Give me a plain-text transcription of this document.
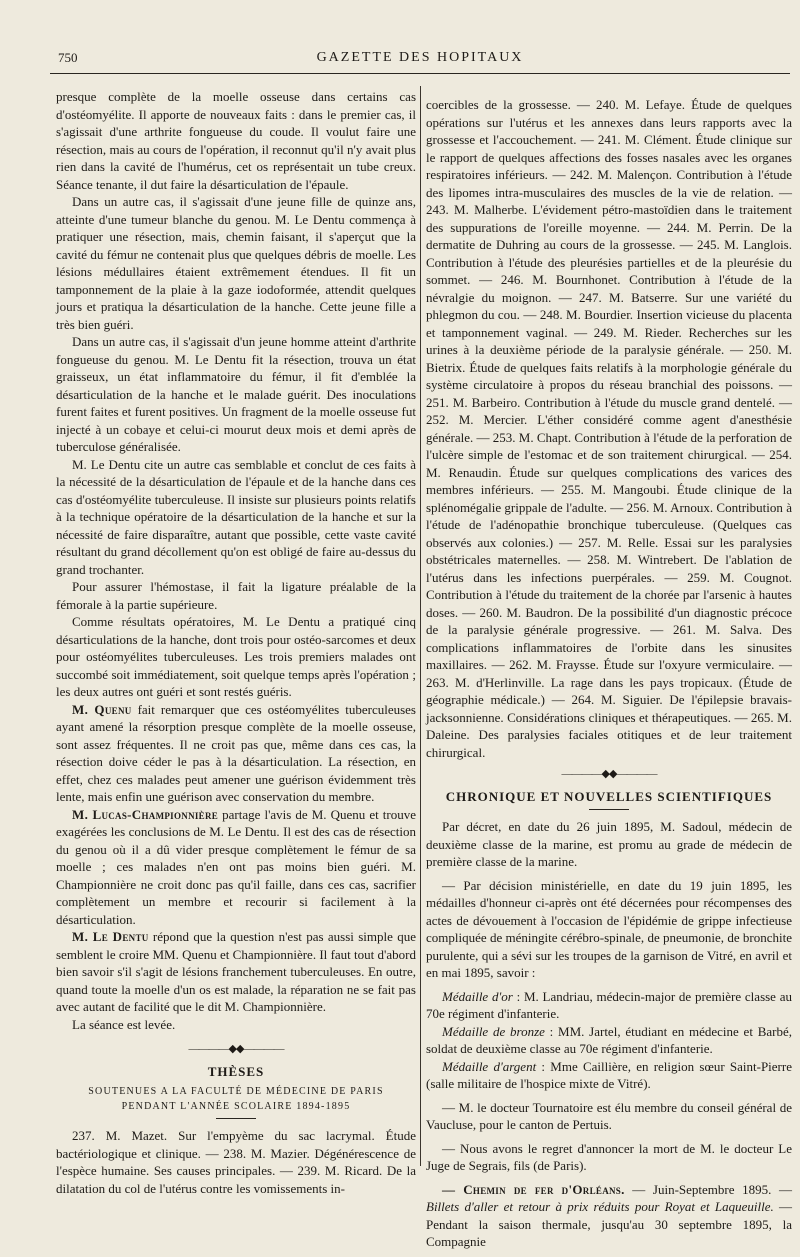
750	GAZETTE DES HOPITAUX

presque complète de la moelle osseuse dans certains cas d'ostéomyélite. Il apporte de nouveaux faits : dans le premier cas, il s'agissait d'une arthrite fongueuse du coude. Il voulut faire une résection, mais au cours de l'opération, il reconnut qu'il n'y avait plus rien dans la cavité de l'humérus, cet os représentait un tube creux. Séance tenante, il dut faire la désarticulation de l'épaule.

Dans un autre cas, il s'agissait d'une jeune fille de quinze ans, atteinte d'une tumeur blanche du genou. M. Le Dentu commença à pratiquer une résection, mais, chemin faisant, il s'aperçut que la cavité du fémur ne contenait plus que quelques débris de moelle. Les lésions médullaires étaient extrêmement étendues. Il fit un tamponnement de la plaie à la gaze iodoformée, attendit quelques jours et pratiqua la désarticulation de la hanche. Cette jeune fille a très bien guéri.

Dans un autre cas, il s'agissait d'un jeune homme atteint d'arthrite fongueuse du genou. M. Le Dentu fit la résection, trouva un état graisseux, un état inflammatoire du fémur, il fit d'emblée la désarticulation de la hanche et le malade guérit. Des inoculations furent faites et furent positives. Un fragment de la moelle osseuse fut injecté à un cobaye et celui-ci mourut deux mois et demi après de tuberculose généralisée.

M. Le Dentu cite un autre cas semblable et conclut de ces faits à la nécessité de la désarticulation de l'épaule et de la hanche dans ces cas d'ostéomyélite tuberculeuse. Il insiste sur plusieurs points relatifs à la technique opératoire de la désarticulation de la hanche et sur la nécessité de faire disparaître, autant que possible, cette vaste cavité résultant du grand décollement qu'on est obligé de faire au-dessus du grand trochanter.

Pour assurer l'hémostase, il fait la ligature préalable de la fémorale à la partie supérieure.

Comme résultats opératoires, M. Le Dentu a pratiqué cinq désarticulations de la hanche, dont trois pour ostéo-sarcomes et deux pour ostéomyélites tuberculeuses. Les trois premiers malades ont succombé soit immédiatement, soit quelque temps après l'opération ; les deux autres ont guéri et sont restés guéris.

M. Quenu fait remarquer que ces ostéomyélites tuberculeuses ayant amené la résorption presque complète de la moelle osseuse, sont assez fréquentes. Il ne croit pas que, même dans ces cas, la résection doive céder le pas à la désarticulation. La résection, en effet, chez ces malades peut amener une guérison évidemment très lente, mais enfin une guérison avec conservation du membre.

M. Lucas-Championnière partage l'avis de M. Quenu et trouve exagérées les conclusions de M. Le Dentu. Il est des cas de résection du genou où il a dû vider presque complètement le fémur de sa moelle ; ces malades n'en ont pas moins bien guéri. M. Championnière ne croit donc pas qu'il faille, dans ces cas, sacrifier complètement un membre et recourir si facilement à la désarticulation.

M. Le Dentu répond que la question n'est pas aussi simple que semblent le croire MM. Quenu et Championnière. Il faut tout d'abord bien savoir s'il s'agit de lésions franchement tuberculeuses. En outre, quand toute la moelle d'un os est malade, la réparation ne se fait pas avec autant de facilité que le dit M. Championnière.

La séance est levée.

————◆◆————
THÈSES
SOUTENUES A LA FACULTÉ DE MÉDECINE DE PARIS
PENDANT L'ANNÉE SCOLAIRE 1894-1895

237. M. Mazet. Sur l'empyème du sac lacrymal. Étude bactériologique et clinique. — 238. M. Mazier. Dégénérescence de l'espèce humaine. Ses causes principales. — 239. M. Ricard. De la dilatation du col de l'utérus contre les vomissements in-

coercibles de la grossesse. — 240. M. Lefaye. Étude de quelques opérations sur l'utérus et les annexes dans leurs rapports avec la grossesse et l'accouchement. — 241. M. Clément. Étude clinique sur le rapport de quelques affections des fosses nasales avec les organes respiratoires inférieurs. — 242. M. Malençon. Contribution à l'étude des lipomes intra-musculaires des muscles de la vie de relation. — 243. M. Malherbe. L'évidement pétro-mastoïdien dans le traitement des suppurations de l'oreille moyenne. — 244. M. Perrin. De la dermatite de Duhring au cours de la grossesse. — 245. M. Langlois. Contribution à l'étude des pleurésies partielles et de la pleurésie du sommet. — 246. M. Bournhonet. Contribution à l'étude de la névralgie du moignon. — 247. M. Batserre. Sur une variété du phlegmon du cou. — 248. M. Bourdier. Insertion vicieuse du placenta et tamponnement vaginal. — 249. M. Rieder. Recherches sur les urines à la deuxième période de la paralysie générale. — 250. M. Bietrix. Étude de quelques faits relatifs à la morphologie générale du système circulatoire à propos du réseau branchial des poissons. — 251. M. Barbeiro. Contribution à l'étude du muscle grand dentelé. — 252. M. Mercier. L'éther considéré comme agent d'anesthésie générale. — 253. M. Chapt. Contribution à l'étude de la perforation de l'ulcère simple de l'estomac et de son traitement chirurgical. — 254. M. Renaudin. Étude sur quelques complications des varices des membres inférieurs. — 255. M. Mangoubi. Étude clinique de la splénomégalie grippale de l'adulte. — 256. M. Arnoux. Contribution à l'étude de l'adénopathie bronchique tuberculeuse. (Quelques cas observés aux colonies.) — 257. M. Relle. Essai sur les paralysies obstétricales maternelles. — 258. M. Wintrebert. De l'ablation de l'utérus dans les infections puerpérales. — 259. M. Cougnot. Contribution à l'étude du traitement de la chorée par l'arsenic à hautes doses. — 260. M. Baudron. De la possibilité d'un diagnostic précoce de la paralysie générale progressive. — 261. M. Salva. Des complications inflammatoires de l'orbite dans les sinusites maxillaires. — 262. M. Fraysse. Étude sur l'oxyure vermiculaire. — 263. M. d'Herlinville. La rage dans les pays tropicaux. (Étude de géographie médicale.) — 264. M. Siguier. De l'épilepsie bravais-jacksonnienne. Considérations cliniques et thérapeutiques. — 265. M. Daleine. Des paralysies faciales otitiques et de leur traitement chirurgical.

————◆◆————
CHRONIQUE ET NOUVELLES SCIENTIFIQUES

Par décret, en date du 26 juin 1895, M. Sadoul, médecin de deuxième classe de la marine, est promu au grade de médecin de première classe de la marine.

— Par décision ministérielle, en date du 19 juin 1895, les médailles d'honneur ci-après ont été décernées pour récompenses des actes de dévouement à l'occasion de l'épidémie de grippe infectieuse compliquée de méningite cérébro-spinale, de pneumonie, de bronchite purulente, qui a sévi sur les troupes de la garnison de Vitré, en avril et en mai 1895, savoir :

Médaille d'or : M. Landriau, médecin-major de première classe au 70e régiment d'infanterie.

Médaille de bronze : MM. Jartel, étudiant en médecine et Barbé, soldat de deuxième classe au 70e régiment d'infanterie.

Médaille d'argent : Mme Caillière, en religion sœur Saint-Pierre (salle militaire de l'hospice mixte de Vitré).

— M. le docteur Tournatoire est élu membre du conseil général de Vaucluse, pour le canton de Pertuis.

— Nous avons le regret d'annoncer la mort de M. le docteur Le Juge de Segrais, fils (de Paris).

— Chemin de fer d'Orléans. — Juin-Septembre 1895. — Billets d'aller et retour à prix réduits pour Royat et Laqueuille. — Pendant la saison thermale, jusqu'au 30 septembre 1895, la Compagnie
